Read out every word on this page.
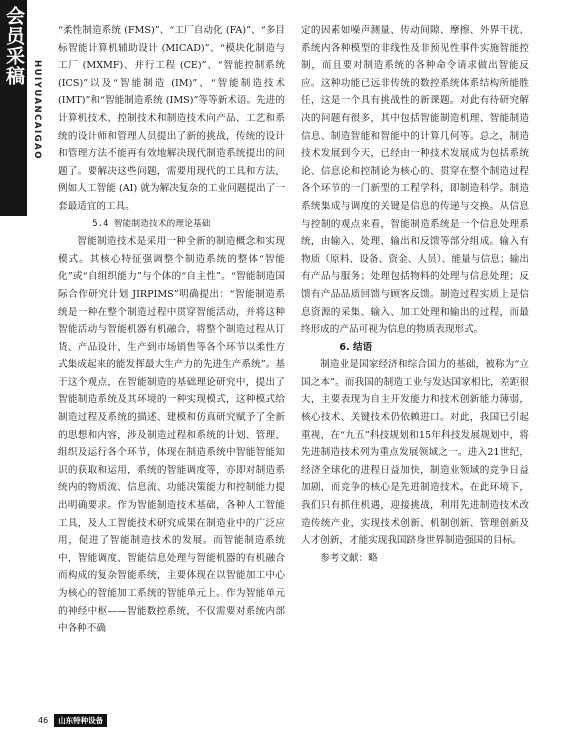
会员采稿
HUIYUANCAIGAO

“柔性制造系统 (FMS)”、“工厂自动化 (FA)”、“多目标智能计算机辅助设计 (MICAD)”、“模块化制造与工厂 (MXMF)、并行工程 (CE)”、“智能控制系统 (ICS)”以及“智能制造 (IM)”、“智能制造技术 (IMT)”和“智能制造系统 (IMS)”等等新术语。先进的计算机技术、控制技术和制造技术向产品、工艺和系统的设计师和管理人员提出了新的挑战，传统的设计和管理方法不能再有效地解决现代制造系统提出的问题了。要解决这些问题，需要用现代的工具和方法，例如人工智能 (AI) 就为解决复杂的工业问题提出了一套最适宜的工具。

5.4 智能制造技术的理论基础

智能制造技术是采用一种全新的制造概念和实现模式。其核心特征强调整个制造系统的整体“智能化”或“自组织能力”与个体的“自主性”。“智能制造国际合作研究计划 JIRPIMS”明确提出：“智能制造系统是一种在整个制造过程中贯穿智能活动，并将这种智能活动与智能机器有机融合，将整个制造过程从订货、产品设计、生产到市场销售等各个环节以柔性方式集成起来的能发挥最大生产力的先进生产系统”。基于这个观点，在智能制造的基础理论研究中，提出了智能制造系统及其环境的一种实现模式，这种模式给制造过程及系统的描述、建模和仿真研究赋予了全新的思想和内容，涉及制造过程和系统的计划、管理、组织及运行各个环节，体现在制造系统中智能智能知识的获取和运用，系统的智能调度等，亦即对制造系统内的物质流、信息流、功能决策能力和控制能力提出明确要求。作为智能制造技术基础，各种人工智能工具，及人工智能技术研究成果在制造业中的广泛应用，促进了智能制造技术的发展。而智能制造系统中，智能调度、智能信息处理与智能机器的有机融合而构成的复杂智能系统，主要体现在以智能加工中心为核心的智能加工系统的智能单元上。作为智能单元的神经中枢——智能数控系统，不仅需要对系统内部中各种不确

定的因素如噪声测量、传动间隙、摩擦、外界干扰、系统内各种模型的非线性及非预见性事件实施智能控制，而且要对制造系统的各种命令请求做出智能反应。这种功能已远非传统的数控系统体系结构所能胜任，这是一个具有挑战性的新课题。对此有待研究解决的问题有很多，其中包括智能制造机理、智能制造信息、制造智能和智能中的计算几何等。总之，制造技术发展到今天，已经由一种技术发展成为包括系统论、信息论和控制论为核心的、贯穿在整个制造过程各个环节的一门新型的工程学科，即制造科学。制造系统集成与调度的关键是信息的传递与交换。从信息与控制的观点来看，智能制造系统是一个信息处理系统，由输入、处理、输出和反馈等部分组成。输入有物质（原料、设备、资金、人员）、能量与信息；输出有产品与服务；处理包括物料的处理与信息处理；反馈有产品品质回馈与顾客反馈。制造过程实质上是信息资源的采集、输入、加工处理和输出的过程，而最终形成的产品可视为信息的物质表现形式。

6. 结语

制造业是国家经济和综合国力的基础，被称为“立国之本”。而我国的制造工业与发达国家相比，差距很大，主要表现为自主开发能力和技术创新能力薄弱，核心技术、关键技术仍依赖进口。对此，我国已引起重视，在“九五”科技规划和15年科技发展规划中，将先进制造技术列为重点发展领域之一。进入21世纪，经济全球化的进程日益加快，制造业领域的竞争日益加剧，而竞争的核心是先进制造技术。在此环境下，我们只有抓住机遇，迎接挑战，利用先进制造技术改造传统产业，实现技术创新、机制创新、管理创新及人才创新，才能实现我国跻身世界制造强国的目标。

参考文献：略

46	山东特种设备
